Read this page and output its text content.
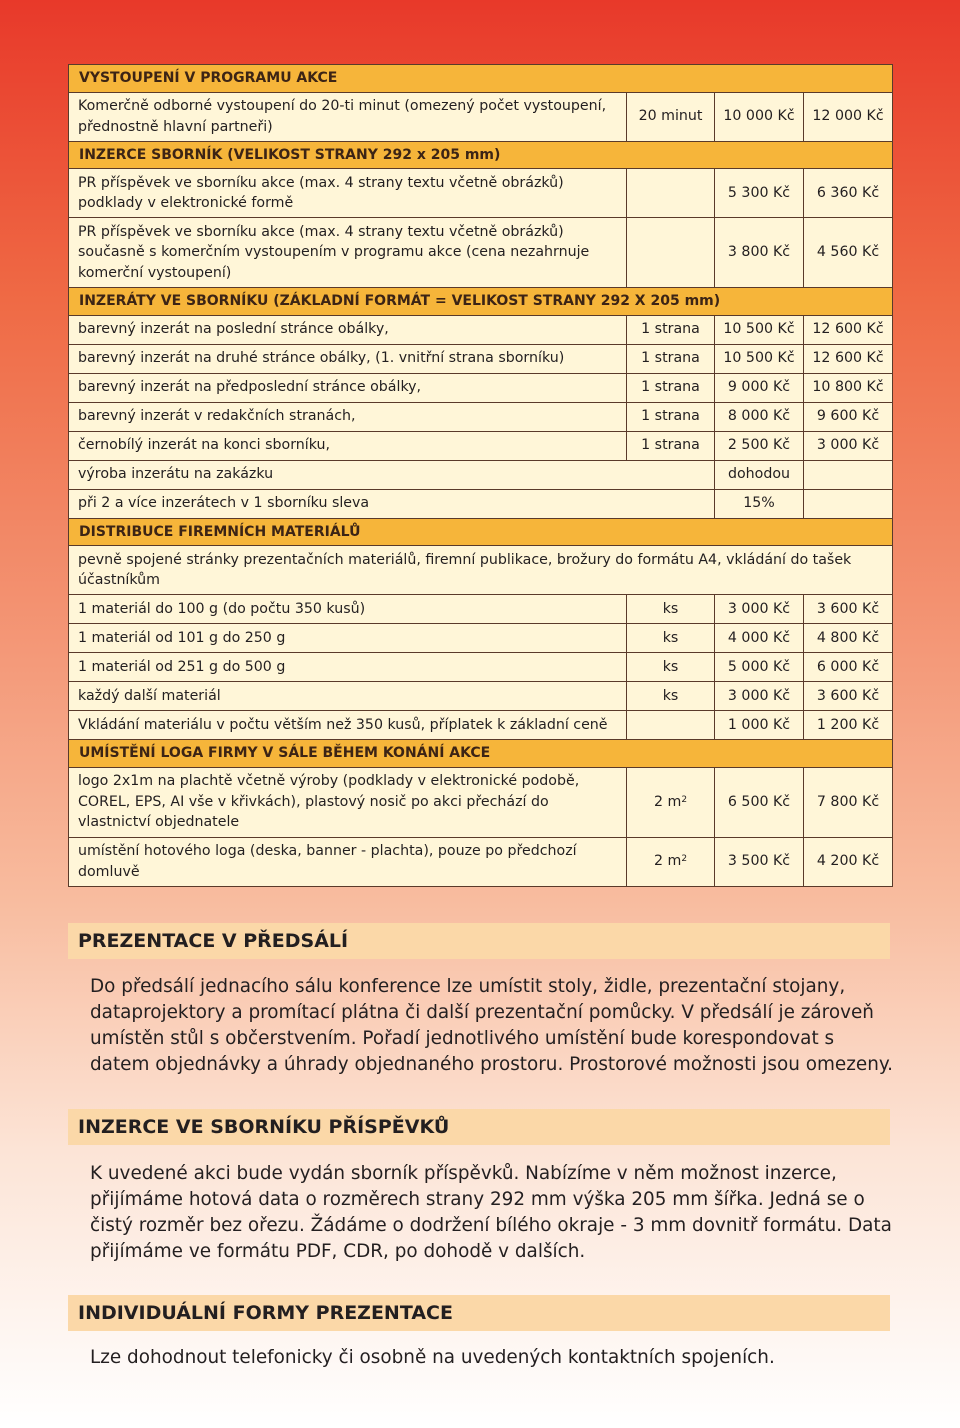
VYSTOUPENÍ V PROGRAMU AKCE			
Komerčně odborné vystoupení do 20-ti minut (omezený počet vystoupení, přednostně hlavní partneři)	20 minut	10 000 Kč	12 000 Kč
INZERCE SBORNÍK (VELIKOST STRANY 292 x 205 mm)			
PR příspěvek ve sborníku akce (max. 4 strany textu včetně obrázků) podklady v elektronické formě		5 300 Kč	6 360 Kč
PR příspěvek ve sborníku akce (max. 4 strany textu včetně obrázků) současně s komerčním vystoupením v programu akce (cena nezahrnuje komerční vystoupení)		3 800 Kč	4 560 Kč
INZERÁTY VE SBORNÍKU (ZÁKLADNÍ FORMÁT = VELIKOST STRANY 292 X 205 mm)			
barevný inzerát na poslední stránce obálky,	1 strana	10 500 Kč	12 600 Kč
barevný inzerát na druhé stránce obálky, (1. vnitřní strana sborníku)	1 strana	10 500 Kč	12 600 Kč
barevný inzerát na předposlední stránce obálky,	1 strana	9 000 Kč	10 800 Kč
barevný inzerát v redakčních stranách,	1 strana	8 000 Kč	9 600 Kč
černobílý inzerát na konci sborníku,	1 strana	2 500 Kč	3 000 Kč
výroba inzerátu na zakázku		dohodou	
při 2 a více inzerátech v 1 sborníku sleva		15%	
DISTRIBUCE FIREMNÍCH MATERIÁLŮ			
pevně spojené stránky prezentačních materiálů, firemní publikace, brožury do formátu A4, vkládání do tašek účastníkům			
1 materiál do 100 g (do počtu 350 kusů)	ks	3 000 Kč	3 600 Kč
1 materiál od 101 g do 250 g	ks	4 000 Kč	4 800 Kč
1 materiál od 251 g do 500 g	ks	5 000 Kč	6 000 Kč
každý další materiál	ks	3 000 Kč	3 600 Kč
Vkládání materiálu v počtu větším než 350 kusů, příplatek k základní ceně		1 000 Kč	1 200 Kč
UMÍSTĚNÍ LOGA FIRMY V SÁLE BĚHEM KONÁNÍ AKCE			
logo 2x1m na plachtě včetně výroby (podklady v elektronické podobě, COREL, EPS, AI vše v křivkách), plastový nosič po akci přechází do vlastnictví objednatele	2 $m^2$	6 500 Kč	7 800 Kč
umístění hotového loga (deska, banner - plachta), pouze po předchozí domluvě	2 $m^2$	3 500 Kč	4 200 Kč
PREZENTACE V PŘEDSÁLÍ

Do předsálí jednacího sálu konference lze umístit stoly, židle, prezentační stojany, dataprojektory a promítací plátna či další prezentační pomůcky. V předsálí je zároveň umístěn stůl s občerstvením. Pořadí jednotlivého umístění bude korespondovat s datem objednávky a úhrady objednaného prostoru. Prostorové možnosti jsou omezeny.

INZERCE VE SBORNÍKU PŘÍSPĚVKŮ

K uvedené akci bude vydán sborník příspěvků. Nabízíme v něm možnost inzerce, přijímáme hotová data o rozměrech strany 292 mm výška 205 mm šířka. Jedná se o čistý rozměr bez ořezu. Žádáme o dodržení bílého okraje - 3 mm dovnitř formátu. Data přijímáme ve formátu PDF, CDR, po dohodě v dalších.

INDIVIDUÁLNÍ FORMY PREZENTACE

Lze dohodnout telefonicky či osobně na uvedených kontaktních spojeních.
